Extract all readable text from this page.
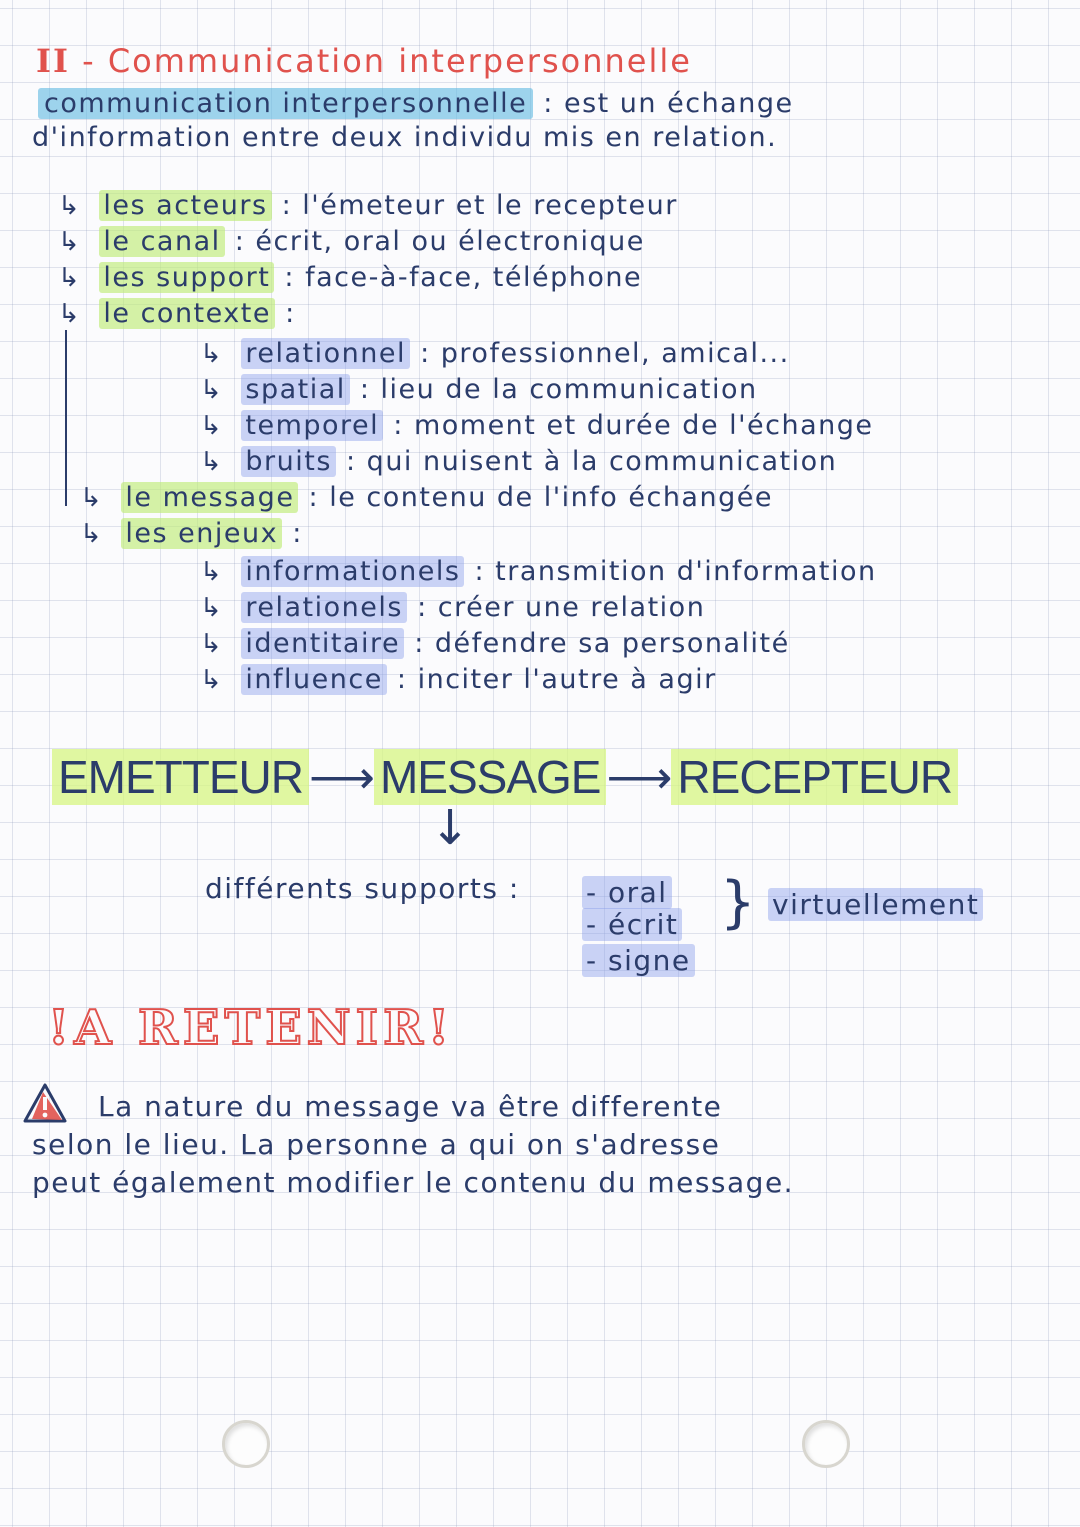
II - Communication interpersonnelle
communication interpersonnelle : est un échange
d'information entre deux individu mis en relation.
↳ les acteurs : l'émeteur et le recepteur
↳ le canal : écrit, oral ou électronique
↳ les support : face-à-face, téléphone
↳ le contexte :
↳ relationnel : professionnel, amical...
↳ spatial : lieu de la communication
↳ temporel : moment et durée de l'échange
↳ bruits : qui nuisent à la communication
↳ le message : le contenu de l'info échangée
↳ les enjeux :
↳ informationels : transmition d'information
↳ relationels : créer une relation
↳ identitaire : défendre sa personalité
↳ influence : inciter l'autre à agir
EMETTEUR ⟶ MESSAGE ⟶ RECEPTEUR
↓
différents supports : - oral
- écrit
- signe
} virtuellement
!A RETENIR!
La nature du message va être differente
selon le lieu. La personne a qui on s'adresse
peut également modifier le contenu du message.
